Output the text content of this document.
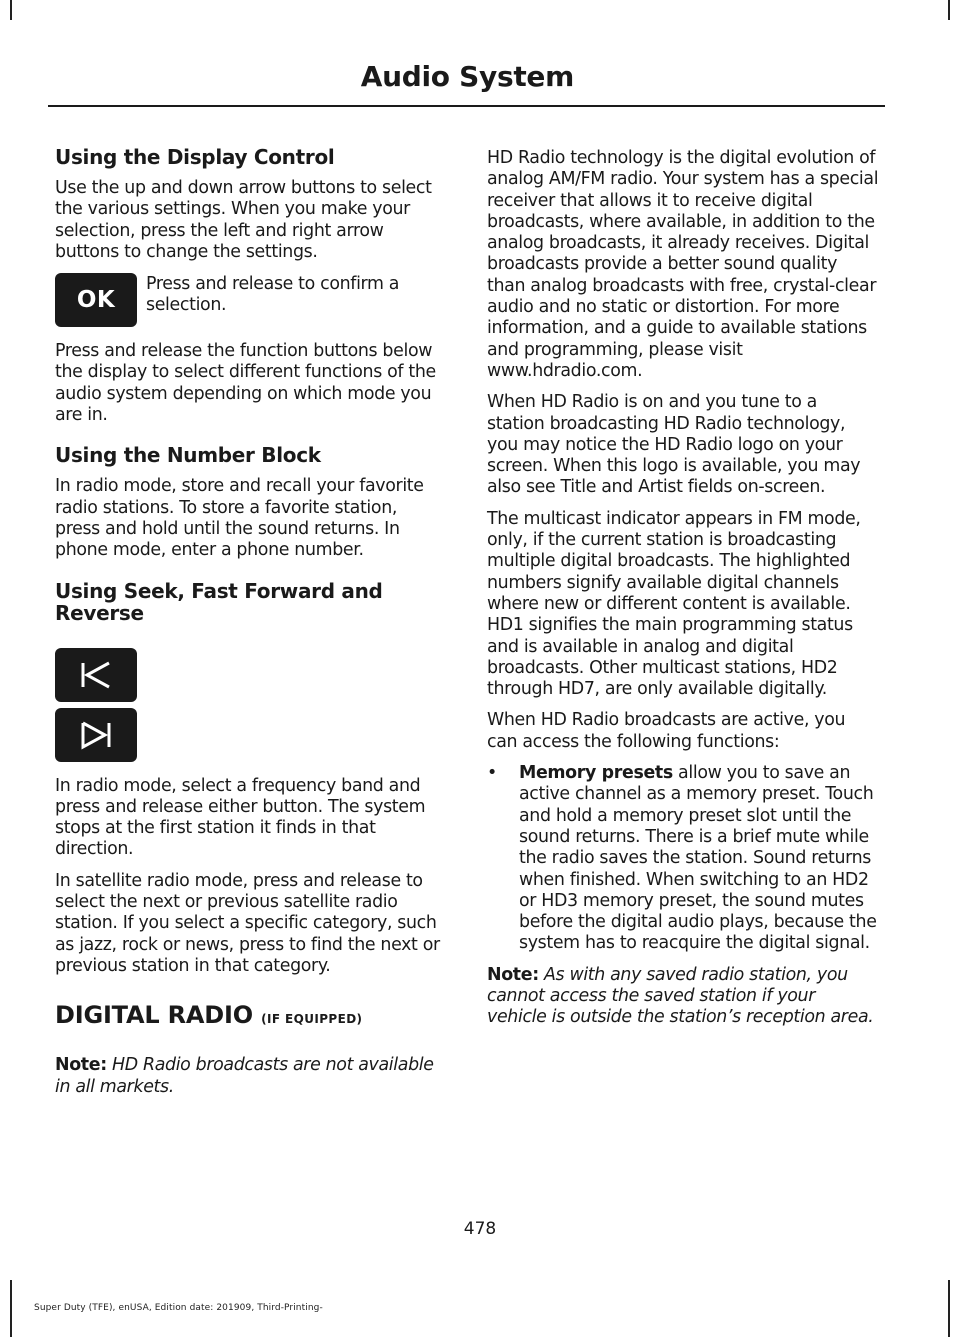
Audio System
Using the Display Control

Use the up and down arrow buttons to select the various settings. When you make your selection, press the left and right arrow buttons to change the settings.

OK

Press and release to confirm a selection.

Press and release the function buttons below the display to select different functions of the audio system depending on which mode you are in.

Using the Number Block

In radio mode, store and recall your favorite radio stations. To store a favorite station, press and hold until the sound returns. In phone mode, enter a phone number.

Using Seek, Fast Forward and Reverse

In radio mode, select a frequency band and press and release either button. The system stops at the first station it finds in that direction.

In satellite radio mode, press and release to select the next or previous satellite radio station. If you select a specific category, such as jazz, rock or news, press to find the next or previous station in that category.

DIGITAL RADIO (IF EQUIPPED)

Note: HD Radio broadcasts are not available in all markets.

HD Radio technology is the digital evolution of analog AM/FM radio. Your system has a special receiver that allows it to receive digital broadcasts, where available, in addition to the analog broadcasts, it already receives. Digital broadcasts provide a better sound quality than analog broadcasts with free, crystal-clear audio and no static or distortion. For more information, and a guide to available stations and programming, please visit www.hdradio.com.

When HD Radio is on and you tune to a station broadcasting HD Radio technology, you may notice the HD Radio logo on your screen. When this logo is available, you may also see Title and Artist fields on-screen.

The multicast indicator appears in FM mode, only, if the current station is broadcasting multiple digital broadcasts. The highlighted numbers signify available digital channels where new or different content is available. HD1 signifies the main programming status and is available in analog and digital broadcasts. Other multicast stations, HD2 through HD7, are only available digitally.

When HD Radio broadcasts are active, you can access the following functions:

•	Memory presets allow you to save an active channel as a memory preset. Touch and hold a memory preset slot until the sound returns. There is a brief mute while the radio saves the station. Sound returns when finished. When switching to an HD2 or HD3 memory preset, the sound mutes before the digital audio plays, because the system has to reacquire the digital signal.

Note: As with any saved radio station, you cannot access the saved station if your vehicle is outside the station’s reception area.

478
Super Duty (TFE), enUSA, Edition date: 201909, Third-Printing-
